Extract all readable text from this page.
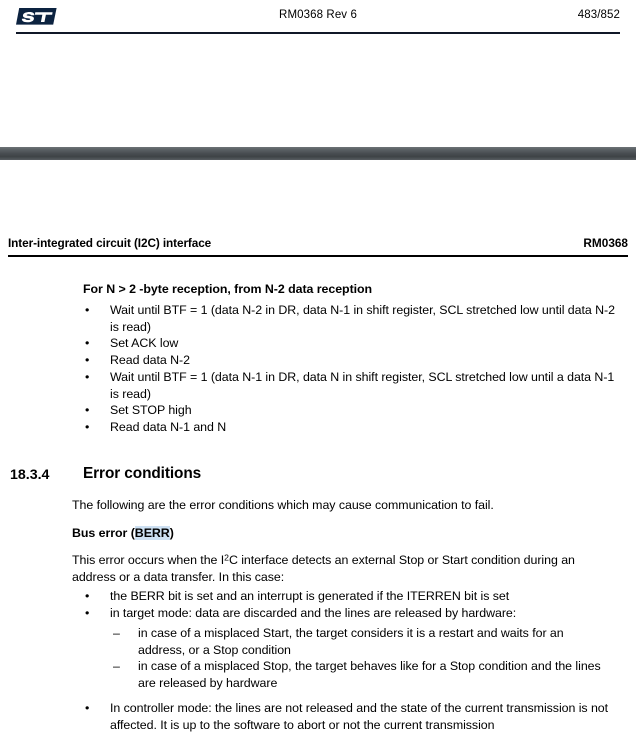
RM0368 Rev 6	483/852
Inter-integrated circuit (I2C) interface	RM0368
For N > 2 -byte reception, from N-2 data reception
•	Wait until BTF = 1 (data N-2 in DR, data N-1 in shift register, SCL stretched low until data N-2 is read)
•	Set ACK low
•	Read data N-2
•	Wait until BTF = 1 (data N-1 in DR, data N in shift register, SCL stretched low until a data N-1 is read)
•	Set STOP high
•	Read data N-1 and N
18.3.4 Error conditions
The following are the error conditions which may cause communication to fail.
Bus error (BERR)
This error occurs when the $I^2C$ interface detects an external Stop or Start condition during an address or a data transfer. In this case:
•	the BERR bit is set and an interrupt is generated if the ITERREN bit is set
•	in target mode: data are discarded and the lines are released by hardware:
–	in case of a misplaced Start, the target considers it is a restart and waits for an address, or a Stop condition
–	in case of a misplaced Stop, the target behaves like for a Stop condition and the lines are released by hardware
•	In controller mode: the lines are not released and the state of the current transmission is not affected. It is up to the software to abort or not the current transmission
